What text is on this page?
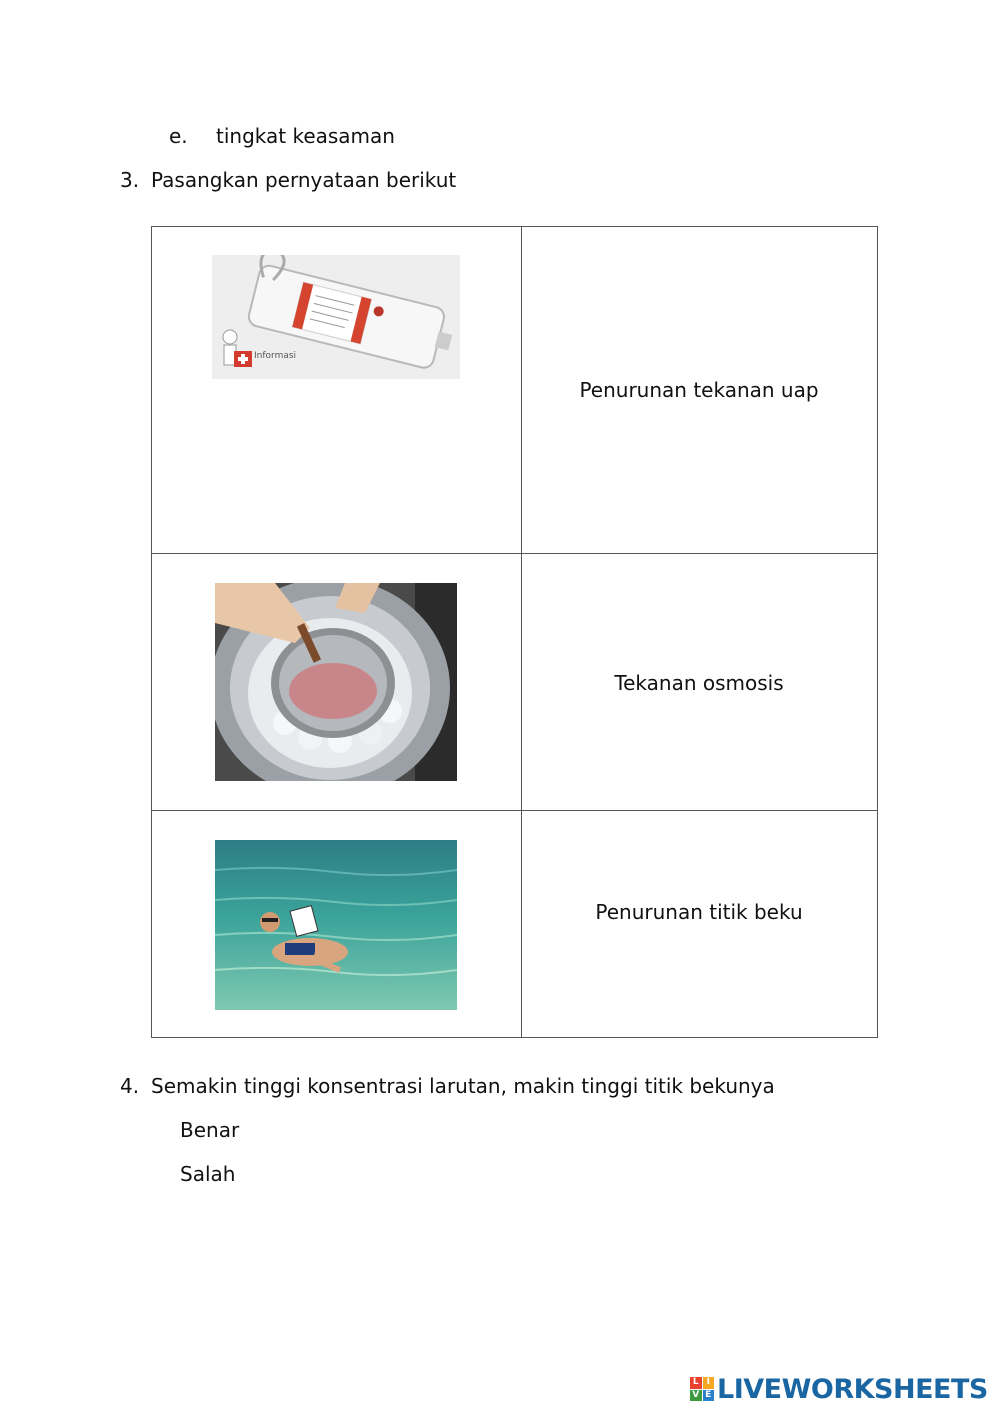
e. tingkat keasaman
3. Pasangkan pernyataan berikut
Informasi
Penurunan tekanan uap
Tekanan osmosis
Penurunan titik beku
4. Semakin tinggi konsentrasi larutan, makin tinggi titik bekunya
Benar
Salah
L I
V E LIVEWORKSHEETS
